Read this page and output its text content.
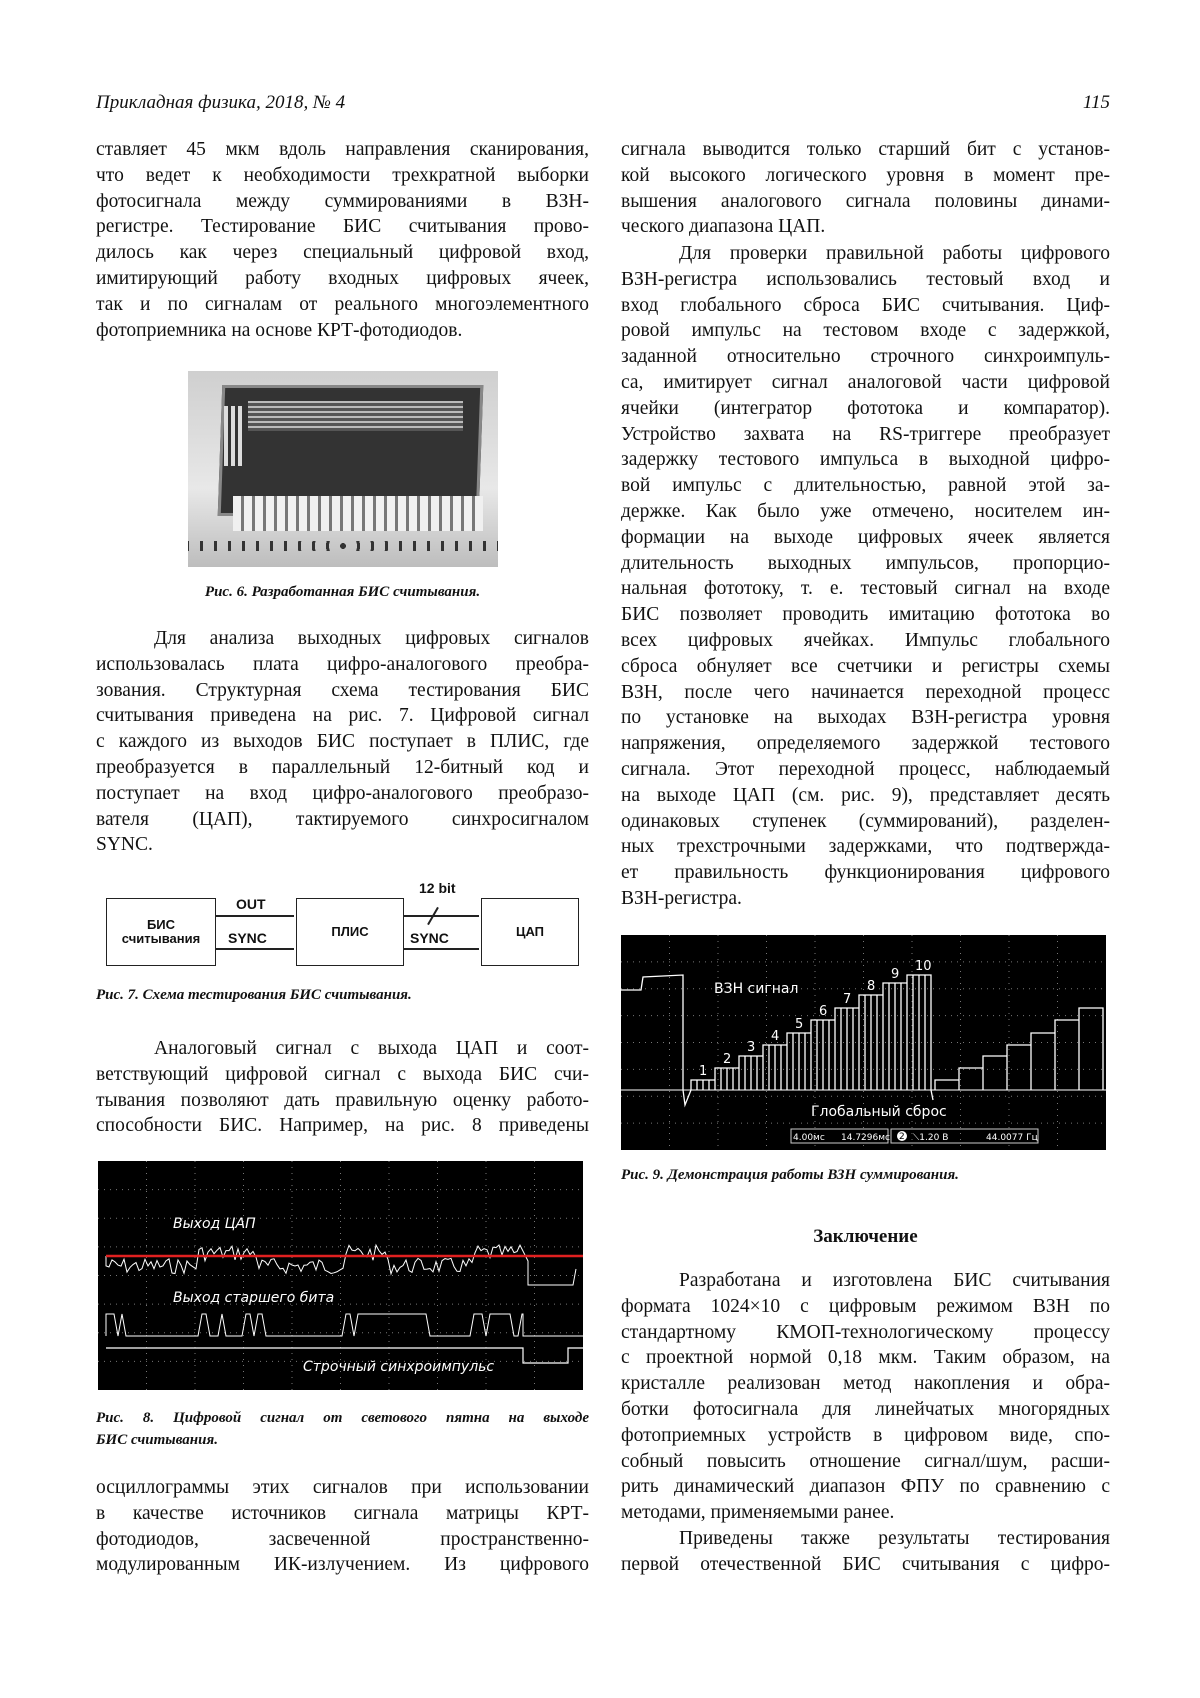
Прикладная физика, 2018, № 4	115
ставляет 45 мкм вдоль направления сканирования,
что ведет к необходимости трехкратной выборки
фотосигнала между суммированиями в ВЗН-
регистре. Тестирование БИС считывания прово-
дилось как через специальный цифровой вход,
имитирующий работу входных цифровых ячеек,
так и по сигналам от реального многоэлементного
фотоприемника на основе КРТ-фотодиодов.
Рис. 6. Разработанная БИС считывания.
Для анализа выходных цифровых сигналов
использовалась плата цифро-аналогового преобра-
зования. Структурная схема тестирования БИС
считывания приведена на рис. 7. Цифровой сигнал
с каждого из выходов БИС поступает в ПЛИС, где
преобразуется в параллельный 12-битный код и
поступает на вход цифро-аналогового преобразо-
вателя (ЦАП), тактируемого синхросигналом
SYNC.
БИС считывания	ПЛИС	ЦАП
OUT
SYNC
12 bit
SYNC
Рис. 7. Схема тестирования БИС считывания.
Аналоговый сигнал с выхода ЦАП и соот-
ветствующий цифровой сигнал с выхода БИС счи-
тывания позволяют дать правильную оценку работо-
способности БИС. Например, на рис. 8 приведены
Выход ЦАП
Выход старшего бита
Строчный синхроимпульс
Рис. 8. Цифровой сигнал от светового пятна на выходе
БИС считывания.
осциллограммы этих сигналов при использовании
в качестве источников сигнала матрицы КРТ-
фотодиодов, засвеченной пространственно-
модулированным ИК-излучением. Из цифрового
сигнала выводится только старший бит с установ-
кой высокого логического уровня в момент пре-
вышения аналогового сигнала половины динами-
ческого диапазона ЦАП.
Для проверки правильной работы цифрового
ВЗН-регистра использовались тестовый вход и
вход глобального сброса БИС считывания. Циф-
ровой импульс на тестовом входе с задержкой,
заданной относительно строчного синхроимпуль-
са, имитирует сигнал аналоговой части цифровой
ячейки (интегратор фототока и компаратор).
Устройство захвата на RS-триггере преобразует
задержку тестового импульса в выходной цифро-
вой импульс с длительностью, равной этой за-
держке. Как было уже отмечено, носителем ин-
формации на выходе цифровых ячеек является
длительность выходных импульсов, пропорцио-
нальная фототоку, т. е. тестовый сигнал на входе
БИС позволяет проводить имитацию фототока во
всех цифровых ячейках. Импульс глобального
сброса обнуляет все счетчики и регистры схемы
ВЗН, после чего начинается переходной процесс
по установке на выходах ВЗН-регистра уровня
напряжения, определяемого задержкой тестового
сигнала. Этот переходной процесс, наблюдаемый
на выходе ЦАП (см. рис. 9), представляет десять
одинаковых ступенек (суммирований), разделен-
ных трехстрочными задержками, что подтвержда-
ет правильность функционирования цифрового
ВЗН-регистра.
1
2
3
4
5
6
7
8
9
10
ВЗН сигнал
Глобальный сброс
4.00мс 14.7296мс 2 ⟍1.20 В	44.0077 Гц
Рис. 9. Демонстрация работы ВЗН суммирования.
Заключение
Разработана и изготовлена БИС считывания
формата 1024×10 с цифровым режимом ВЗН по
стандартному КМОП-технологическому процессу
с проектной нормой 0,18 мкм. Таким образом, на
кристалле реализован метод накопления и обра-
ботки фотосигнала для линейчатых многорядных
фотоприемных устройств в цифровом виде, спо-
собный повысить отношение сигнал/шум, расши-
рить динамический диапазон ФПУ по сравнению с
методами, применяемыми ранее.
Приведены также результаты тестирования
первой отечественной БИС считывания с цифро-
